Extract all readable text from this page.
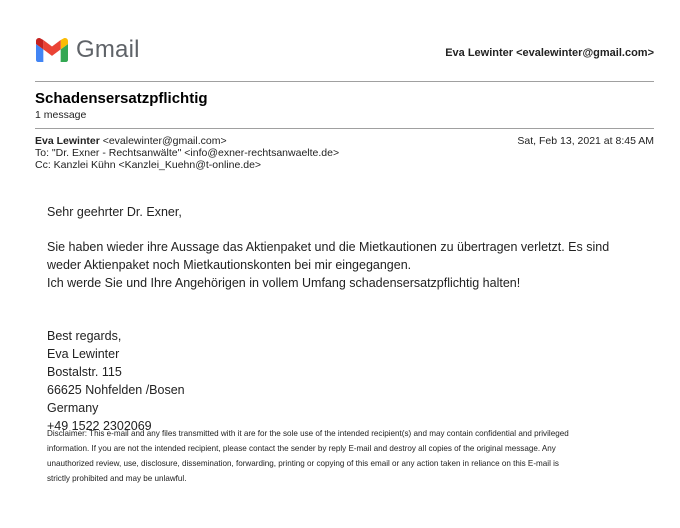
Gmail	Eva Lewinter <evalewinter@gmail.com>
Schadensersatzpflichtig
1 message
Eva Lewinter <evalewinter@gmail.com>
To: "Dr. Exner - Rechtsanwälte" <info@exner-rechtsanwaelte.de>
Cc: Kanzlei Kühn <Kanzlei_Kuehn@t-online.de>
Sat, Feb 13, 2021 at 8:45 AM

Sehr geehrter Dr. Exner,

Sie haben wieder ihre Aussage das Aktienpaket und die Mietkautionen zu übertragen verletzt. Es sind

weder Aktienpaket noch Mietkautionskonten bei mir eingegangen.

Ich werde Sie und Ihre Angehörigen in vollem Umfang schadensersatzpflichtig halten!

Best regards,

Eva Lewinter

Bostalstr. 115

66625 Nohfelden /Bosen

Germany

+49 1522 2302069

Disclaimer: This e-mail and any files transmitted with it are for the sole use of the intended recipient(s) and may contain confidential and privileged

information. If you are not the intended recipient, please contact the sender by reply E-mail and destroy all copies of the original message. Any

unauthorized review, use, disclosure, dissemination, forwarding, printing or copying of this email or any action taken in reliance on this E-mail is

strictly prohibited and may be unlawful.
